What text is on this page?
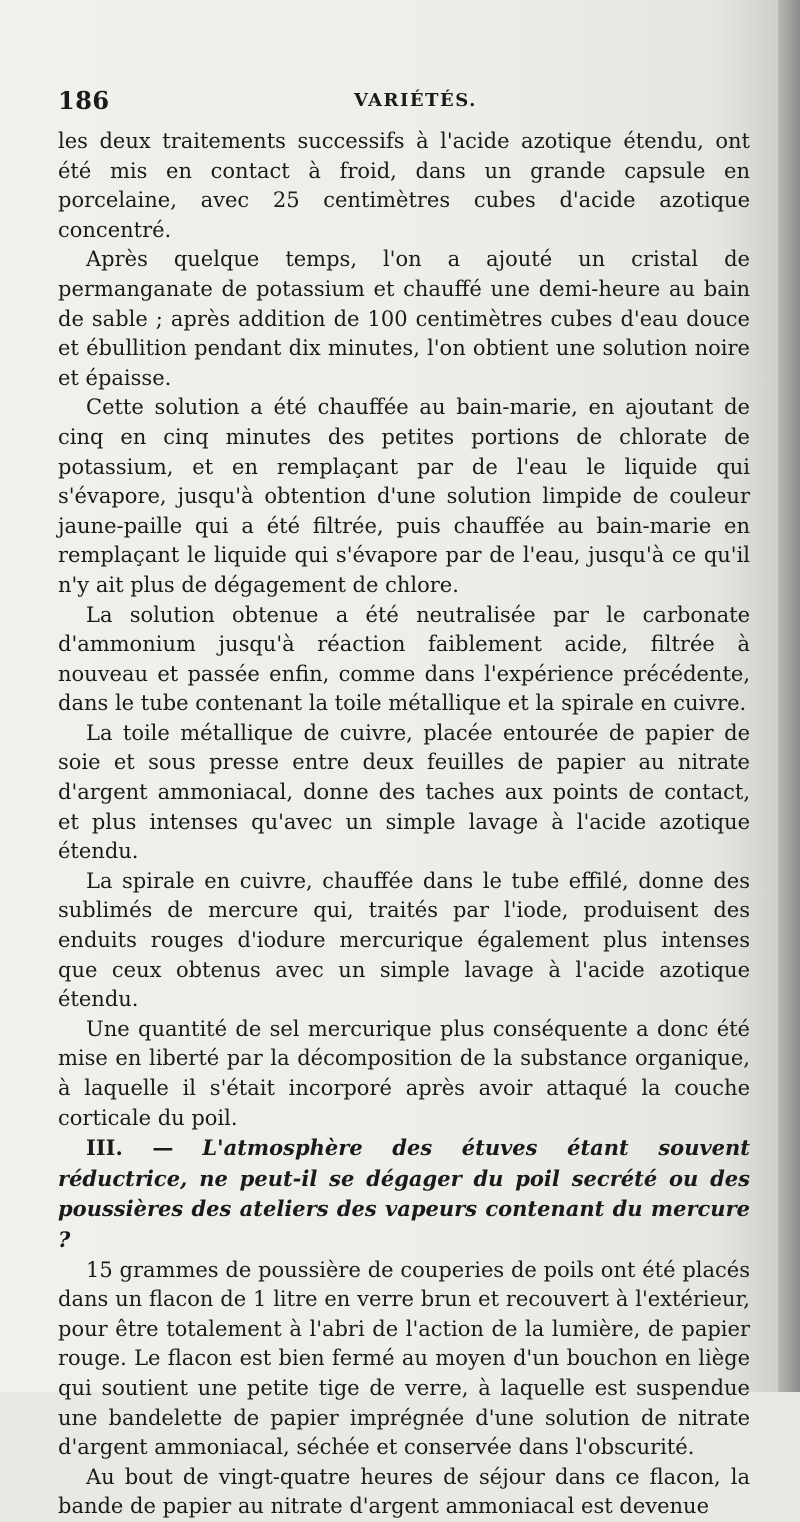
186	VARIÉTÉS.

les deux traitements successifs à l'acide azotique étendu, ont été mis en contact à froid, dans un grande capsule en porcelaine, avec 25 centimètres cubes d'acide azotique concentré.

Après quelque temps, l'on a ajouté un cristal de permanganate de potassium et chauffé une demi-heure au bain de sable ; après addition de 100 centimètres cubes d'eau douce et ébullition pendant dix minutes, l'on obtient une solution noire et épaisse.

Cette solution a été chauffée au bain-marie, en ajoutant de cinq en cinq minutes des petites portions de chlorate de potassium, et en remplaçant par de l'eau le liquide qui s'évapore, jusqu'à obtention d'une solution limpide de couleur jaune-paille qui a été filtrée, puis chauffée au bain-marie en remplaçant le liquide qui s'évapore par de l'eau, jusqu'à ce qu'il n'y ait plus de dégagement de chlore.

La solution obtenue a été neutralisée par le carbonate d'ammonium jusqu'à réaction faiblement acide, filtrée à nouveau et passée enfin, comme dans l'expérience précédente, dans le tube contenant la toile métallique et la spirale en cuivre.

La toile métallique de cuivre, placée entourée de papier de soie et sous presse entre deux feuilles de papier au nitrate d'argent ammoniacal, donne des taches aux points de contact, et plus intenses qu'avec un simple lavage à l'acide azotique étendu.

La spirale en cuivre, chauffée dans le tube effilé, donne des sublimés de mercure qui, traités par l'iode, produisent des enduits rouges d'iodure mercurique également plus intenses que ceux obtenus avec un simple lavage à l'acide azotique étendu.

Une quantité de sel mercurique plus conséquente a donc été mise en liberté par la décomposition de la substance organique, à laquelle il s'était incorporé après avoir attaqué la couche corticale du poil.

III. — L'atmosphère des étuves étant souvent réductrice, ne peut-il se dégager du poil secrété ou des poussières des ateliers des vapeurs contenant du mercure ?

15 grammes de poussière de couperies de poils ont été placés dans un flacon de 1 litre en verre brun et recouvert à l'extérieur, pour être totalement à l'abri de l'action de la lumière, de papier rouge. Le flacon est bien fermé au moyen d'un bouchon en liège qui soutient une petite tige de verre, à laquelle est suspendue une bandelette de papier imprégnée d'une solution de nitrate d'argent ammoniacal, séchée et conservée dans l'obscurité.

Au bout de vingt-quatre heures de séjour dans ce flacon, la bande de papier au nitrate d'argent ammoniacal est devenue
